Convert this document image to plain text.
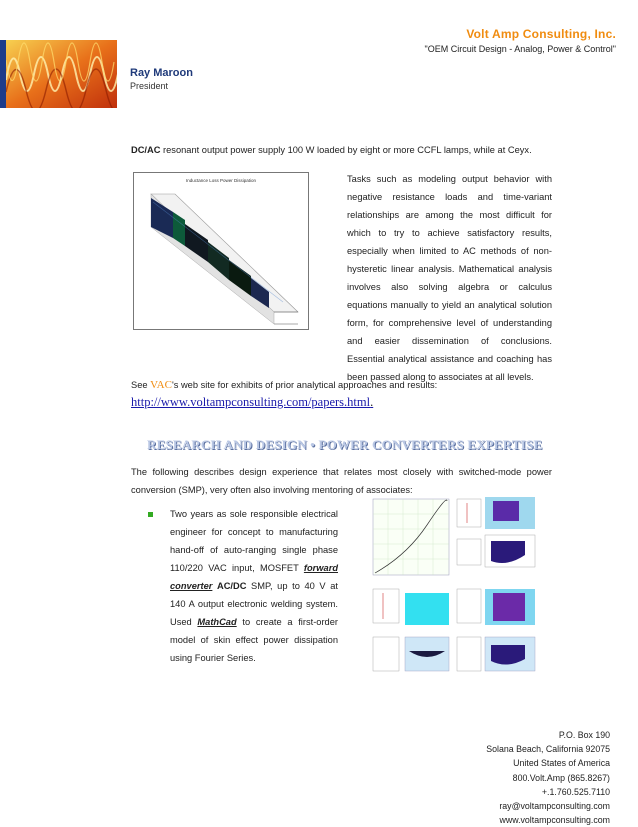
Volt Amp Consulting, Inc.
"OEM Circuit Design - Analog, Power & Control"
Ray Maroon
President
DC/AC resonant output power supply 100 W loaded by eight or more CCFL lamps, while at Ceyx.
Inductance Loss Power Dissipation	Tasks such as modeling output behavior with negative resistance loads and time-variant relationships are among the most difficult for which to try to achieve satisfactory results, especially when limited to AC methods of non-hysteretic linear analysis. Mathematical analysis involves also solving algebra or calculus equations manually to yield an analytical solution form, for comprehensive level of understanding and easier dissemination of conclusions. Essential analytical assistance and coaching has been passed along to associates at all levels.
See VAC's web site for exhibits of prior analytical approaches and results:
http://www.voltampconsulting.com/papers.html.
RESEARCH AND DESIGN • POWER CONVERTERS EXPERTISE
The following describes design experience that relates most closely with switched-mode power conversion (SMP), very often also involving mentoring of associates:
Two years as sole responsible electrical engineer for concept to manufacturing hand-off of auto-ranging single phase 110/220 VAC input, MOSFET forward converter AC/DC SMP, up to 40 V at 140 A output electronic welding system. Used MathCad to create a first-order model of skin effect power dissipation using Fourier Series.
P.O. Box 190
Solana Beach, California 92075
United States of America
800.Volt.Amp (865.8267)
+.1.760.525.7110
ray@voltampconsulting.com
www.voltampconsulting.com
